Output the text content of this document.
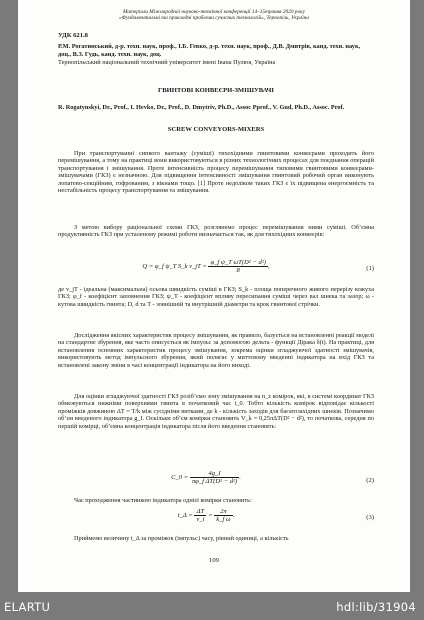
Матеріали Міжнародної науково-технічної конференції 14–15травня 2020 року
«Фундаментальні та прикладні проблеми сучасних технологій», Тернопіль, Україна
УДК 621.8
Р.М. Рогатинський, д-р. техн. наук, проф., І.Б. Гевко, д-р. техн. наук, проф., Д.В. Дмитрів, канд. техн. наук, доц., В.З. Гудь, канд. техн. наук, доц.
Тернопільський національний технічний університет імені Івана Пулюя, Україна
ГВИНТОВІ КОНВЕЄРИ-ЗМІШУВАЧІ
R. Rogatynskyi, Dr., Prof., I. Hevko, Dr., Prof., D. Dmytriv, Ph.D., Assoc Pprof., V. Gud, Ph.D., Assoc. Prof.
SCREW CONVEYORS-MIXERS

При транспортуванні сипкого вантажу (суміші) тихохідними гвинтовими конвеєрами проходить його перемішування, а тому на практиці вони використовуються в різних технологічних процесах для поєднання операцій транспортування і змішування. Проте інтенсивність процесу перемішування типовими гвинтовими конвеєрами-змішувачами (ГКЗ) є незначною. Для підвищення інтенсивності змішування гвинтовий робочий орган виконують лопатево-секційним, гофрованим, з вікнами тощо. [1] Проте недоліком таких ГКЗ є їх підвищена енергоємність та нестабільність процесу транспортування та змішування.

З метою вибору раціональної схеми ГКЗ, розглянемо процес перемішування ними суміші. Об’ємна продуктивність ГКЗ при усталеному режимі роботи визначається так, як для тихохідних конвеєрів:

Q = φ_f ψ_T S_k v_jT = $\frac{\text{φ\_f ψ\_T ωT(D² − d²)}}{8}$ ,	(1)

де v_jT - ідеальна (максимальна) осьова швидкість суміші в ГКЗ; S_k - площа поперечного живого перерізу кожуха ГКЗ; φ_f - коефіцієнт заповнення ГКЗ; ψ_T - коефіцієнт впливу пересипання суміші через вал шнека та зазор; ω - кутова швидкість гвинта; D, d та T - зовнішній та внутрішній діаметри та крок гвинтової стрічки.

Дослідження якісних характеристик процесу змішування, як правило, базується на встановленні реакції моделі на стандартне збурення, яке часто описується як імпульс за допомогою дельта - функції Дірака δ(t). На практиці, для встановлення основних характеристик процесу змішування, зокрема оцінки згладжуючої здатності змішувачів, використовують метод імпульсного збурення, який полягає у миттєвому введенні індикатора на вхід ГКЗ та встановлені закону зміни в часі концентрації індикатора на його виході.

Для оцінки згладжуючої здатності ГКЗ розіб’ємо зону змішування на n_z комірок, які, в системі координат ГКЗ обмежуються нижніми поверхнями гвинта в початковий час t_0. Тобто кількість комірок відповідає кількості проміжків довжиною ΔT = T/k між сусідніми витками, де k - кількість заходів для багатозахідних шнеків. Позначимо об’єм введеного індикатора g_I. Оскільки об’єм комірки становить V_k = 0,25πΔT(D² − d²), то початкова, середня по першій комірці, об’ємна концентрація індикатора після його введення становить:

C_0 = $\frac{4g\_I}{\text{πφ\_f ΔT(D² − d²)}}$ .	(2)

Час проходження частинкою індикатора однієї комірки становить:

t_Δ = $\frac{\Delta T}{v\_i} = \frac{2\pi}{\text{k\_f ω}}$ .	(3)

Приймемо величину t_Δ за проміжок (імпульс) часу, рівний одиниці, а кількість

109
ELARTU	hdl:lib/31904
